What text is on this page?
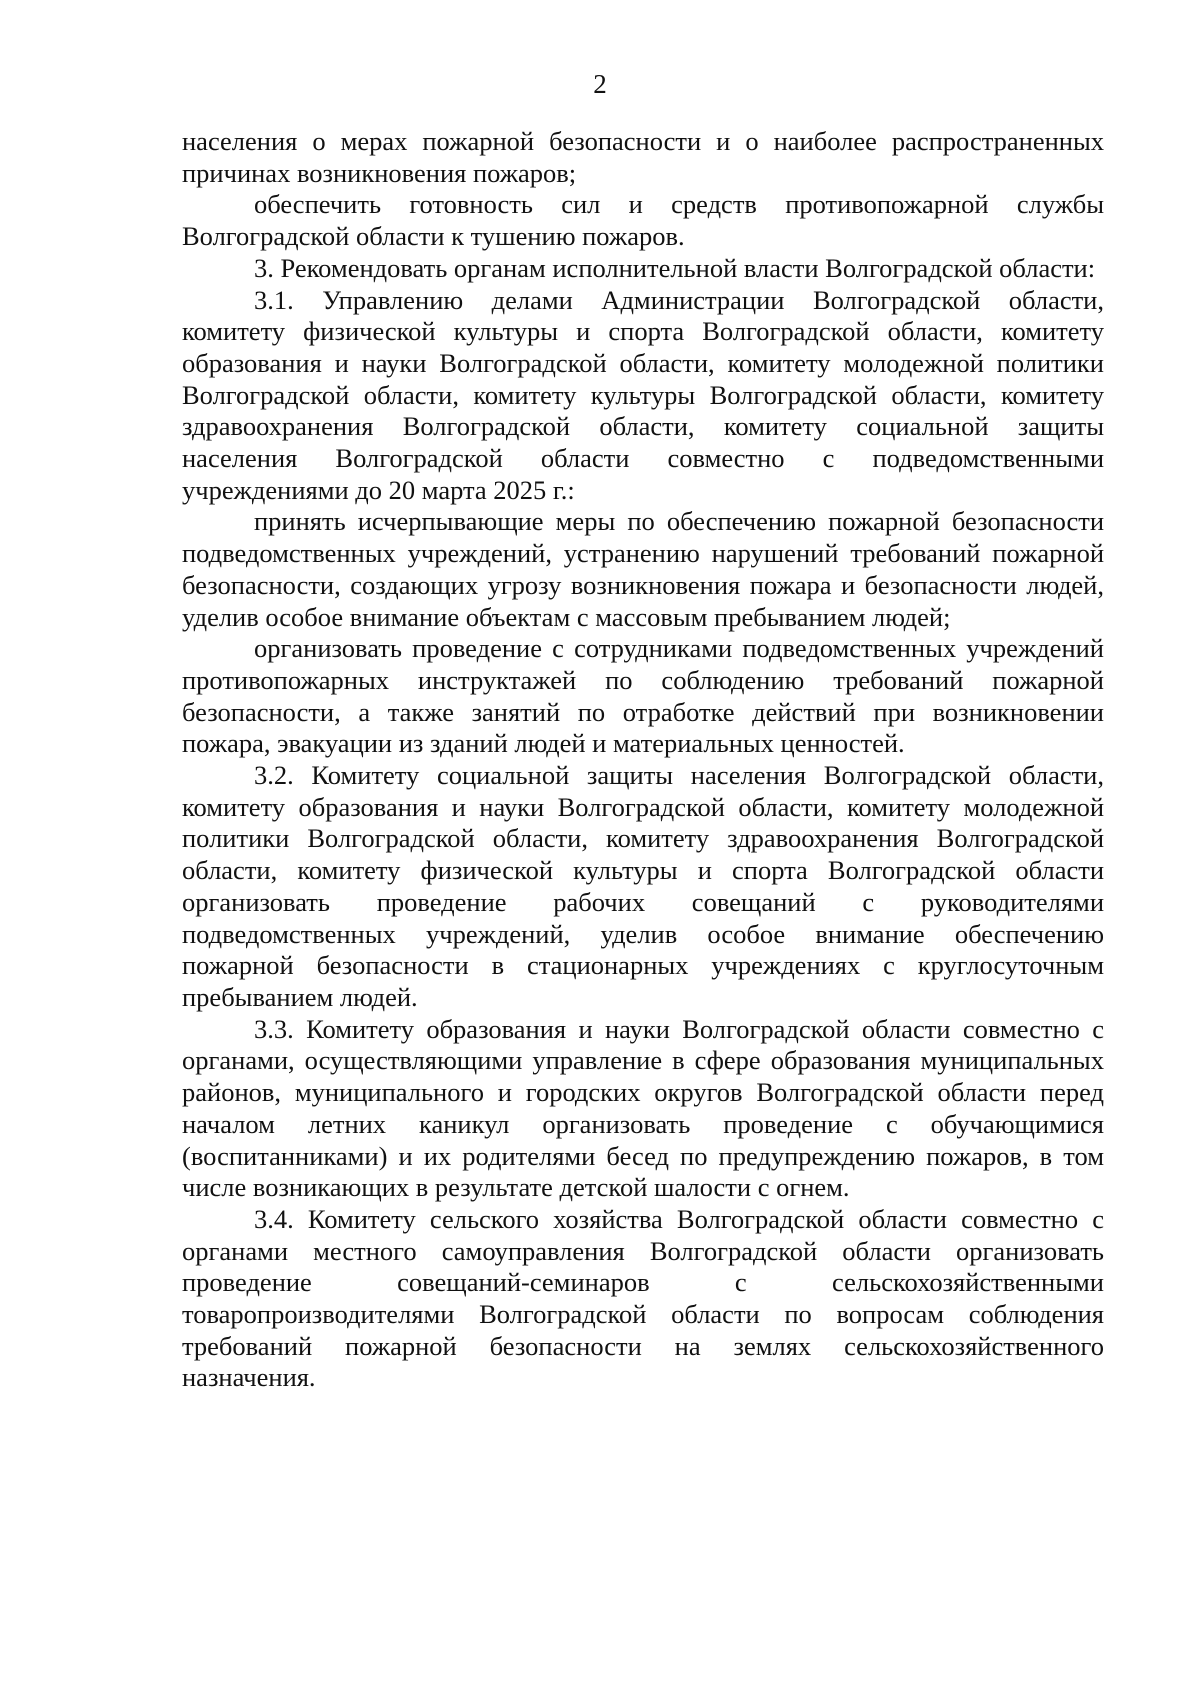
2

населения о мерах пожарной безопасности и о наиболее распространенных причинах возникновения пожаров;

обеспечить готовность сил и средств противопожарной службы Волгоградской области к тушению пожаров.

3. Рекомендовать органам исполнительной власти Волгоградской области:

3.1. Управлению делами Администрации Волгоградской области, комитету физической культуры и спорта Волгоградской области, комитету образования и науки Волгоградской области, комитету молодежной политики Волгоградской области, комитету культуры Волгоградской области, комитету здравоохранения Волгоградской области, комитету социальной защиты населения Волгоградской области совместно с подведомственными учреждениями до 20 марта 2025 г.:

принять исчерпывающие меры по обеспечению пожарной безопасности подведомственных учреждений, устранению нарушений требований пожарной безопасности, создающих угрозу возникновения пожара и безопасности людей, уделив особое внимание объектам с массовым пребыванием людей;

организовать проведение с сотрудниками подведомственных учреждений противопожарных инструктажей по соблюдению требований пожарной безопасности, а также занятий по отработке действий при возникновении пожара, эвакуации из зданий людей и материальных ценностей.

3.2. Комитету социальной защиты населения Волгоградской области, комитету образования и науки Волгоградской области, комитету молодежной политики Волгоградской области, комитету здравоохранения Волгоградской области, комитету физической культуры и спорта Волгоградской области организовать проведение рабочих совещаний с руководителями подведомственных учреждений, уделив особое внимание обеспечению пожарной безопасности в стационарных учреждениях с круглосуточным пребыванием людей.

3.3. Комитету образования и науки Волгоградской области совместно с органами, осуществляющими управление в сфере образования муниципальных районов, муниципального и городских округов Волгоградской области перед началом летних каникул организовать проведение с обучающимися (воспитанниками) и их родителями бесед по предупреждению пожаров, в том числе возникающих в результате детской шалости с огнем.

3.4. Комитету сельского хозяйства Волгоградской области совместно с органами местного самоуправления Волгоградской области организовать проведение совещаний-семинаров с сельскохозяйственными товаропроизводителями Волгоградской области по вопросам соблюдения требований пожарной безопасности на землях сельскохозяйственного назначения.
